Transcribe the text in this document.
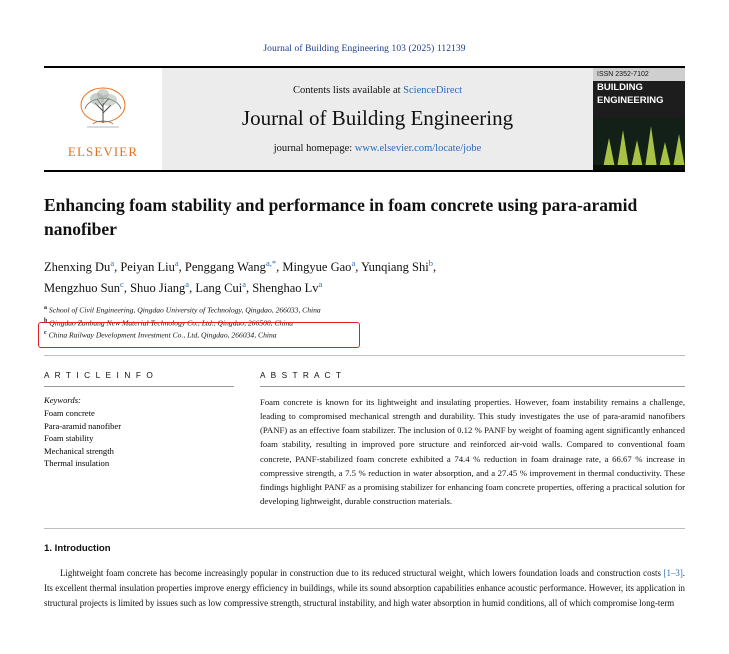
Journal of Building Engineering 103 (2025) 112139
ELSEVIER
Contents lists available at ScienceDirect
Journal of Building Engineering
journal homepage: www.elsevier.com/locate/jobe
ISSN 2352-7102
BUILDING
ENGINEERING
Enhancing foam stability and performance in foam concrete using para-aramid nanofiber
Zhenxing Du$^a$, Peiyan Liu$^a$, Penggang Wang$^{a,*}$, Mingyue Gao$^a$, Yunqiang Shi$^b$,
Mengzhuo Sun$^c$, Shuo Jiang$^a$, Lang Cui$^a$, Shenghao Lv$^a$
$^a$ School of Civil Engineering, Qingdao University of Technology, Qingdao, 266033, China
$^b$ Qingdao Zanbang New Material Technology Co., Ltd., Qingdao, 266500, China
$^c$ China Railway Development Investment Co., Ltd, Qingdao, 266034, China
A R T I C L E I N F O
Keywords:
Foam concrete
Para-aramid nanofiber
Foam stability
Mechanical strength
Thermal insulation
A B S T R A C T
Foam concrete is known for its lightweight and insulating properties. However, foam instability remains a challenge, leading to compromised mechanical strength and durability. This study investigates the use of para-aramid nanofibers (PANF) as an effective foam stabilizer. The inclusion of 0.12 % PANF by weight of foaming agent significantly enhanced foam stability, resulting in improved pore structure and reinforced air-void walls. Compared to conventional foam concrete, PANF-stabilized foam concrete exhibited a 74.4 % reduction in foam drainage rate, a 66.67 % increase in compressive strength, a 7.5 % reduction in water absorption, and a 27.45 % improvement in thermal conductivity. These findings highlight PANF as a promising stabilizer for enhancing foam concrete properties, offering a practical solution for developing lightweight, durable construction materials.
1. Introduction

Lightweight foam concrete has become increasingly popular in construction due to its reduced structural weight, which lowers foundation loads and construction costs [1–3]. Its excellent thermal insulation properties improve energy efficiency in buildings, while its sound absorption capabilities enhance acoustic performance. However, its application in structural projects is limited by issues such as low compressive strength, structural instability, and high water absorption in humid conditions, all of which compromise long-term
